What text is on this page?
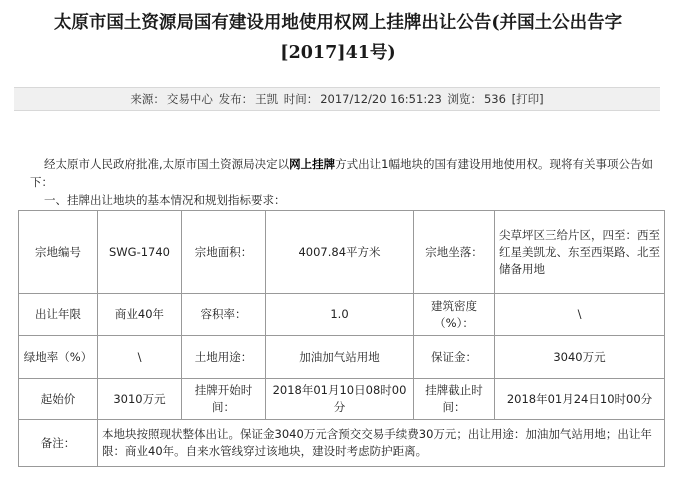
太原市国土资源局国有建设用地使用权网上挂牌出让公告(并国土公出告字
[2017]41号)
来源： 交易中心 发布： 王凯 时间： 2017/12/20 16:51:23 浏览： 536 [打印]

经太原市人民政府批准,太原市国土资源局决定以网上挂牌方式出让1幅地块的国有建设用地使用权。现将有关事项公告如下：

一、挂牌出让地块的基本情况和规划指标要求：

宗地编号	SWG-1740	宗地面积：	4007.84平方米	宗地坐落：	尖草坪区三给片区，四至：西至红星美凯龙、东至西渠路、北至储备用地
出让年限	商业40年	容积率：	1.0	建筑密度（%）：	\
绿地率（%）	\	土地用途：	加油加气站用地	保证金：	3040万元
起始价	3010万元	挂牌开始时间：	2018年01月10日08时00分	挂牌截止时间：	2018年01月24日10时00分
备注：	本地块按照现状整体出让。保证金3040万元含预交交易手续费30万元；出让用途：加油加气站用地；出让年限：商业40年。自来水管线穿过该地块，建设时考虑防护距离。				
